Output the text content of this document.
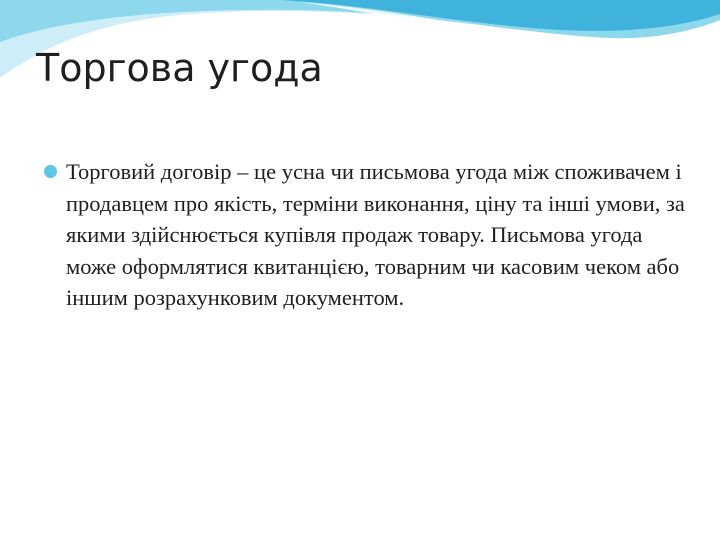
Торгова угода
Торговий договір – це усна чи письмова угода між споживачем і продавцем про якість, терміни виконання, ціну та інші умови, за якими здійснюється купівля продаж товару. Письмова угода може оформлятися квитанцією, товарним чи касовим чеком або іншим розрахунковим документом.
